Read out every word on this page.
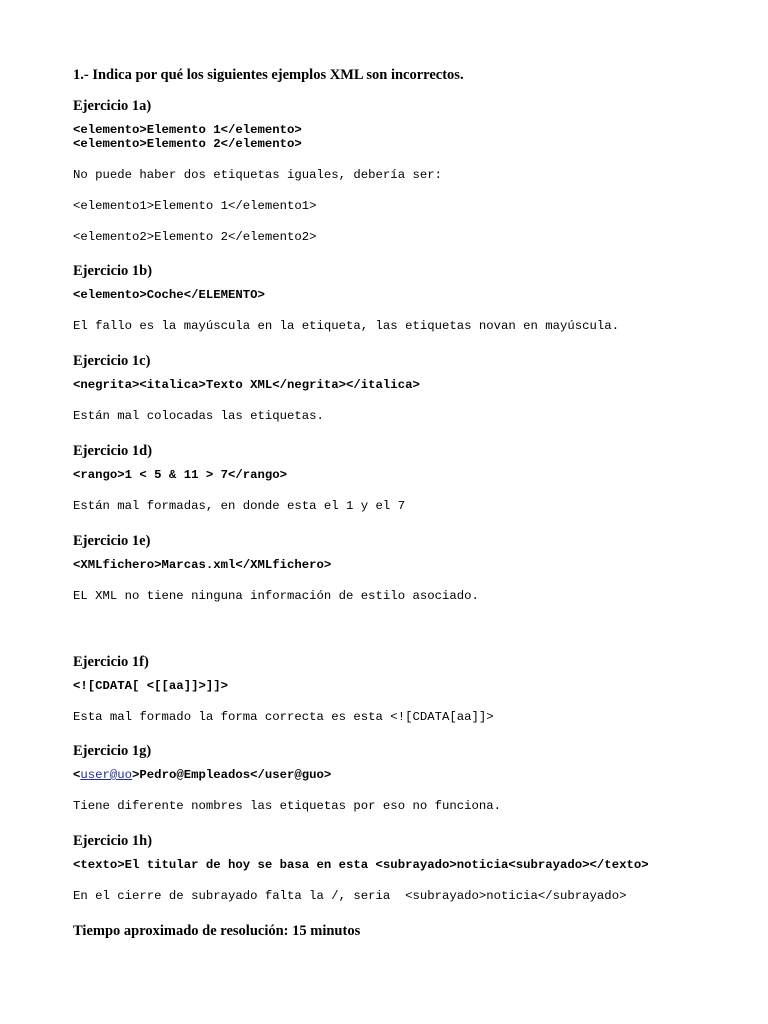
1.- Indica por qué los siguientes ejemplos XML son incorrectos.

Ejercicio 1a)

<elemento>Elemento 1</elemento>

<elemento>Elemento 2</elemento>

No puede haber dos etiquetas iguales, debería ser:

<elemento1>Elemento 1</elemento1>

<elemento2>Elemento 2</elemento2>

Ejercicio 1b)

<elemento>Coche</ELEMENTO>

El fallo es la mayúscula en la etiqueta, las etiquetas novan en mayúscula.

Ejercicio 1c)

<negrita><italica>Texto XML</negrita></italica>

Están mal colocadas las etiquetas.

Ejercicio 1d)

<rango>1 < 5 & 11 > 7</rango>

Están mal formadas, en donde esta el 1 y el 7

Ejercicio 1e)

<XMLfichero>Marcas.xml</XMLfichero>

EL XML no tiene ninguna información de estilo asociado.

Ejercicio 1f)

<![CDATA[ <[[aa]]>]]>

Esta mal formado la forma correcta es esta <![CDATA[aa]]>

Ejercicio 1g)

<user@uo>Pedro@Empleados</user@guo>

Tiene diferente nombres las etiquetas por eso no funciona.

Ejercicio 1h)

<texto>El titular de hoy se basa en esta <subrayado>noticia<subrayado></texto>

En el cierre de subrayado falta la /, seria  <subrayado>noticia</subrayado>

Tiempo aproximado de resolución: 15 minutos
